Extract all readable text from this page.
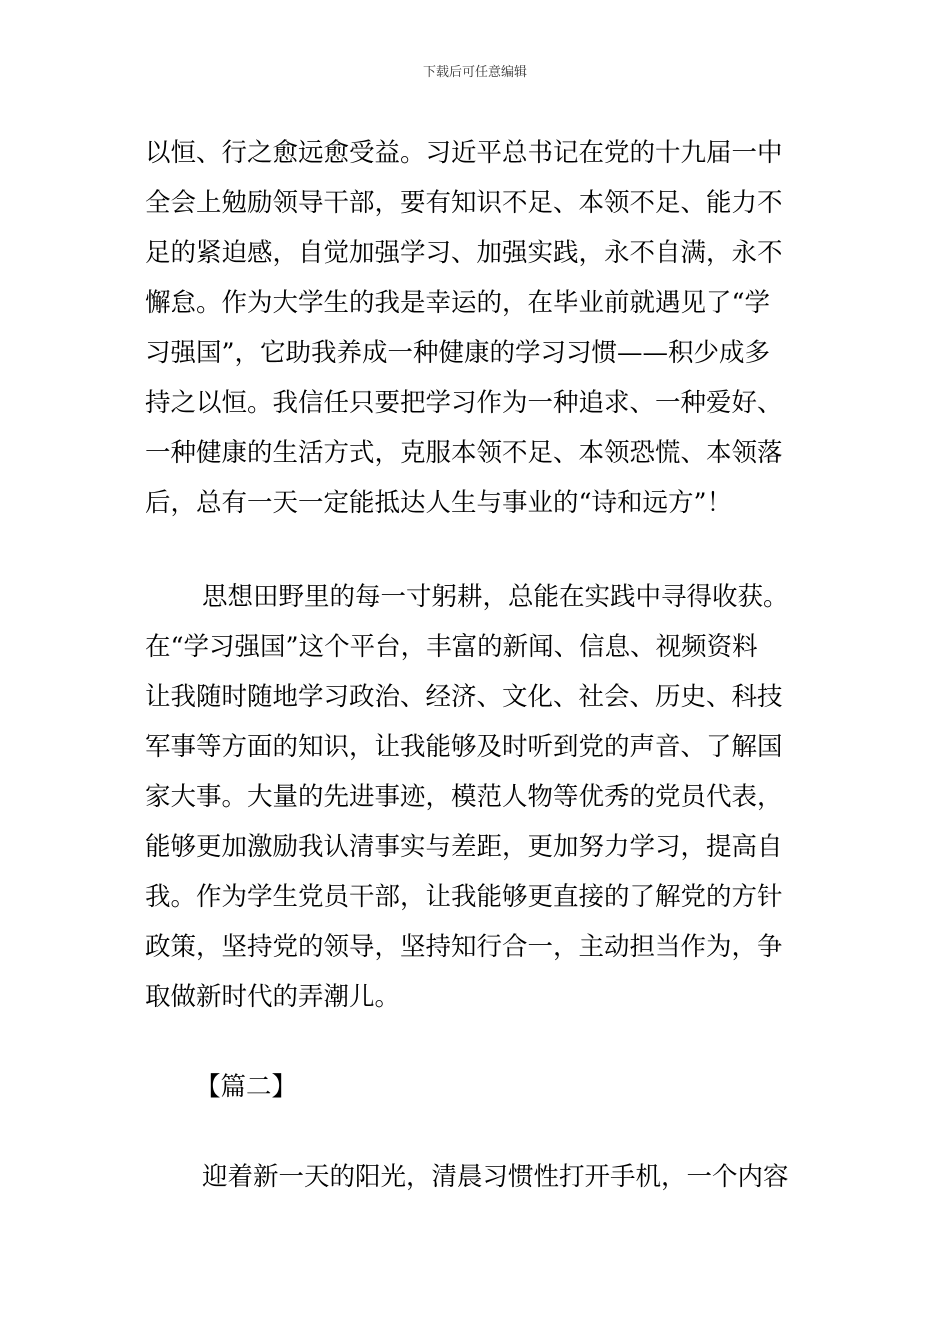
下载后可任意编辑
以恒、行之愈远愈受益。习近平总书记在党的十九届一中
全会上勉励领导干部，要有知识不足、本领不足、能力不
足的紧迫感，自觉加强学习、加强实践，永不自满，永不
懈怠。作为大学生的我是幸运的，在毕业前就遇见了“学
习强国”，它助我养成一种健康的学习习惯——积少成多
持之以恒。我信任只要把学习作为一种追求、一种爱好、
一种健康的生活方式，克服本领不足、本领恐慌、本领落
后，总有一天一定能抵达人生与事业的“诗和远方”！
思想田野里的每一寸躬耕，总能在实践中寻得收获。
在“学习强国”这个平台，丰富的新闻、信息、视频资料
让我随时随地学习政治、经济、文化、社会、历史、科技
军事等方面的知识，让我能够及时听到党的声音、了解国
家大事。大量的先进事迹，模范人物等优秀的党员代表，
能够更加激励我认清事实与差距，更加努力学习，提高自
我。作为学生党员干部，让我能够更直接的了解党的方针
政策，坚持党的领导，坚持知行合一，主动担当作为，争
取做新时代的弄潮儿。
【篇二】
迎着新一天的阳光，清晨习惯性打开手机，一个内容
